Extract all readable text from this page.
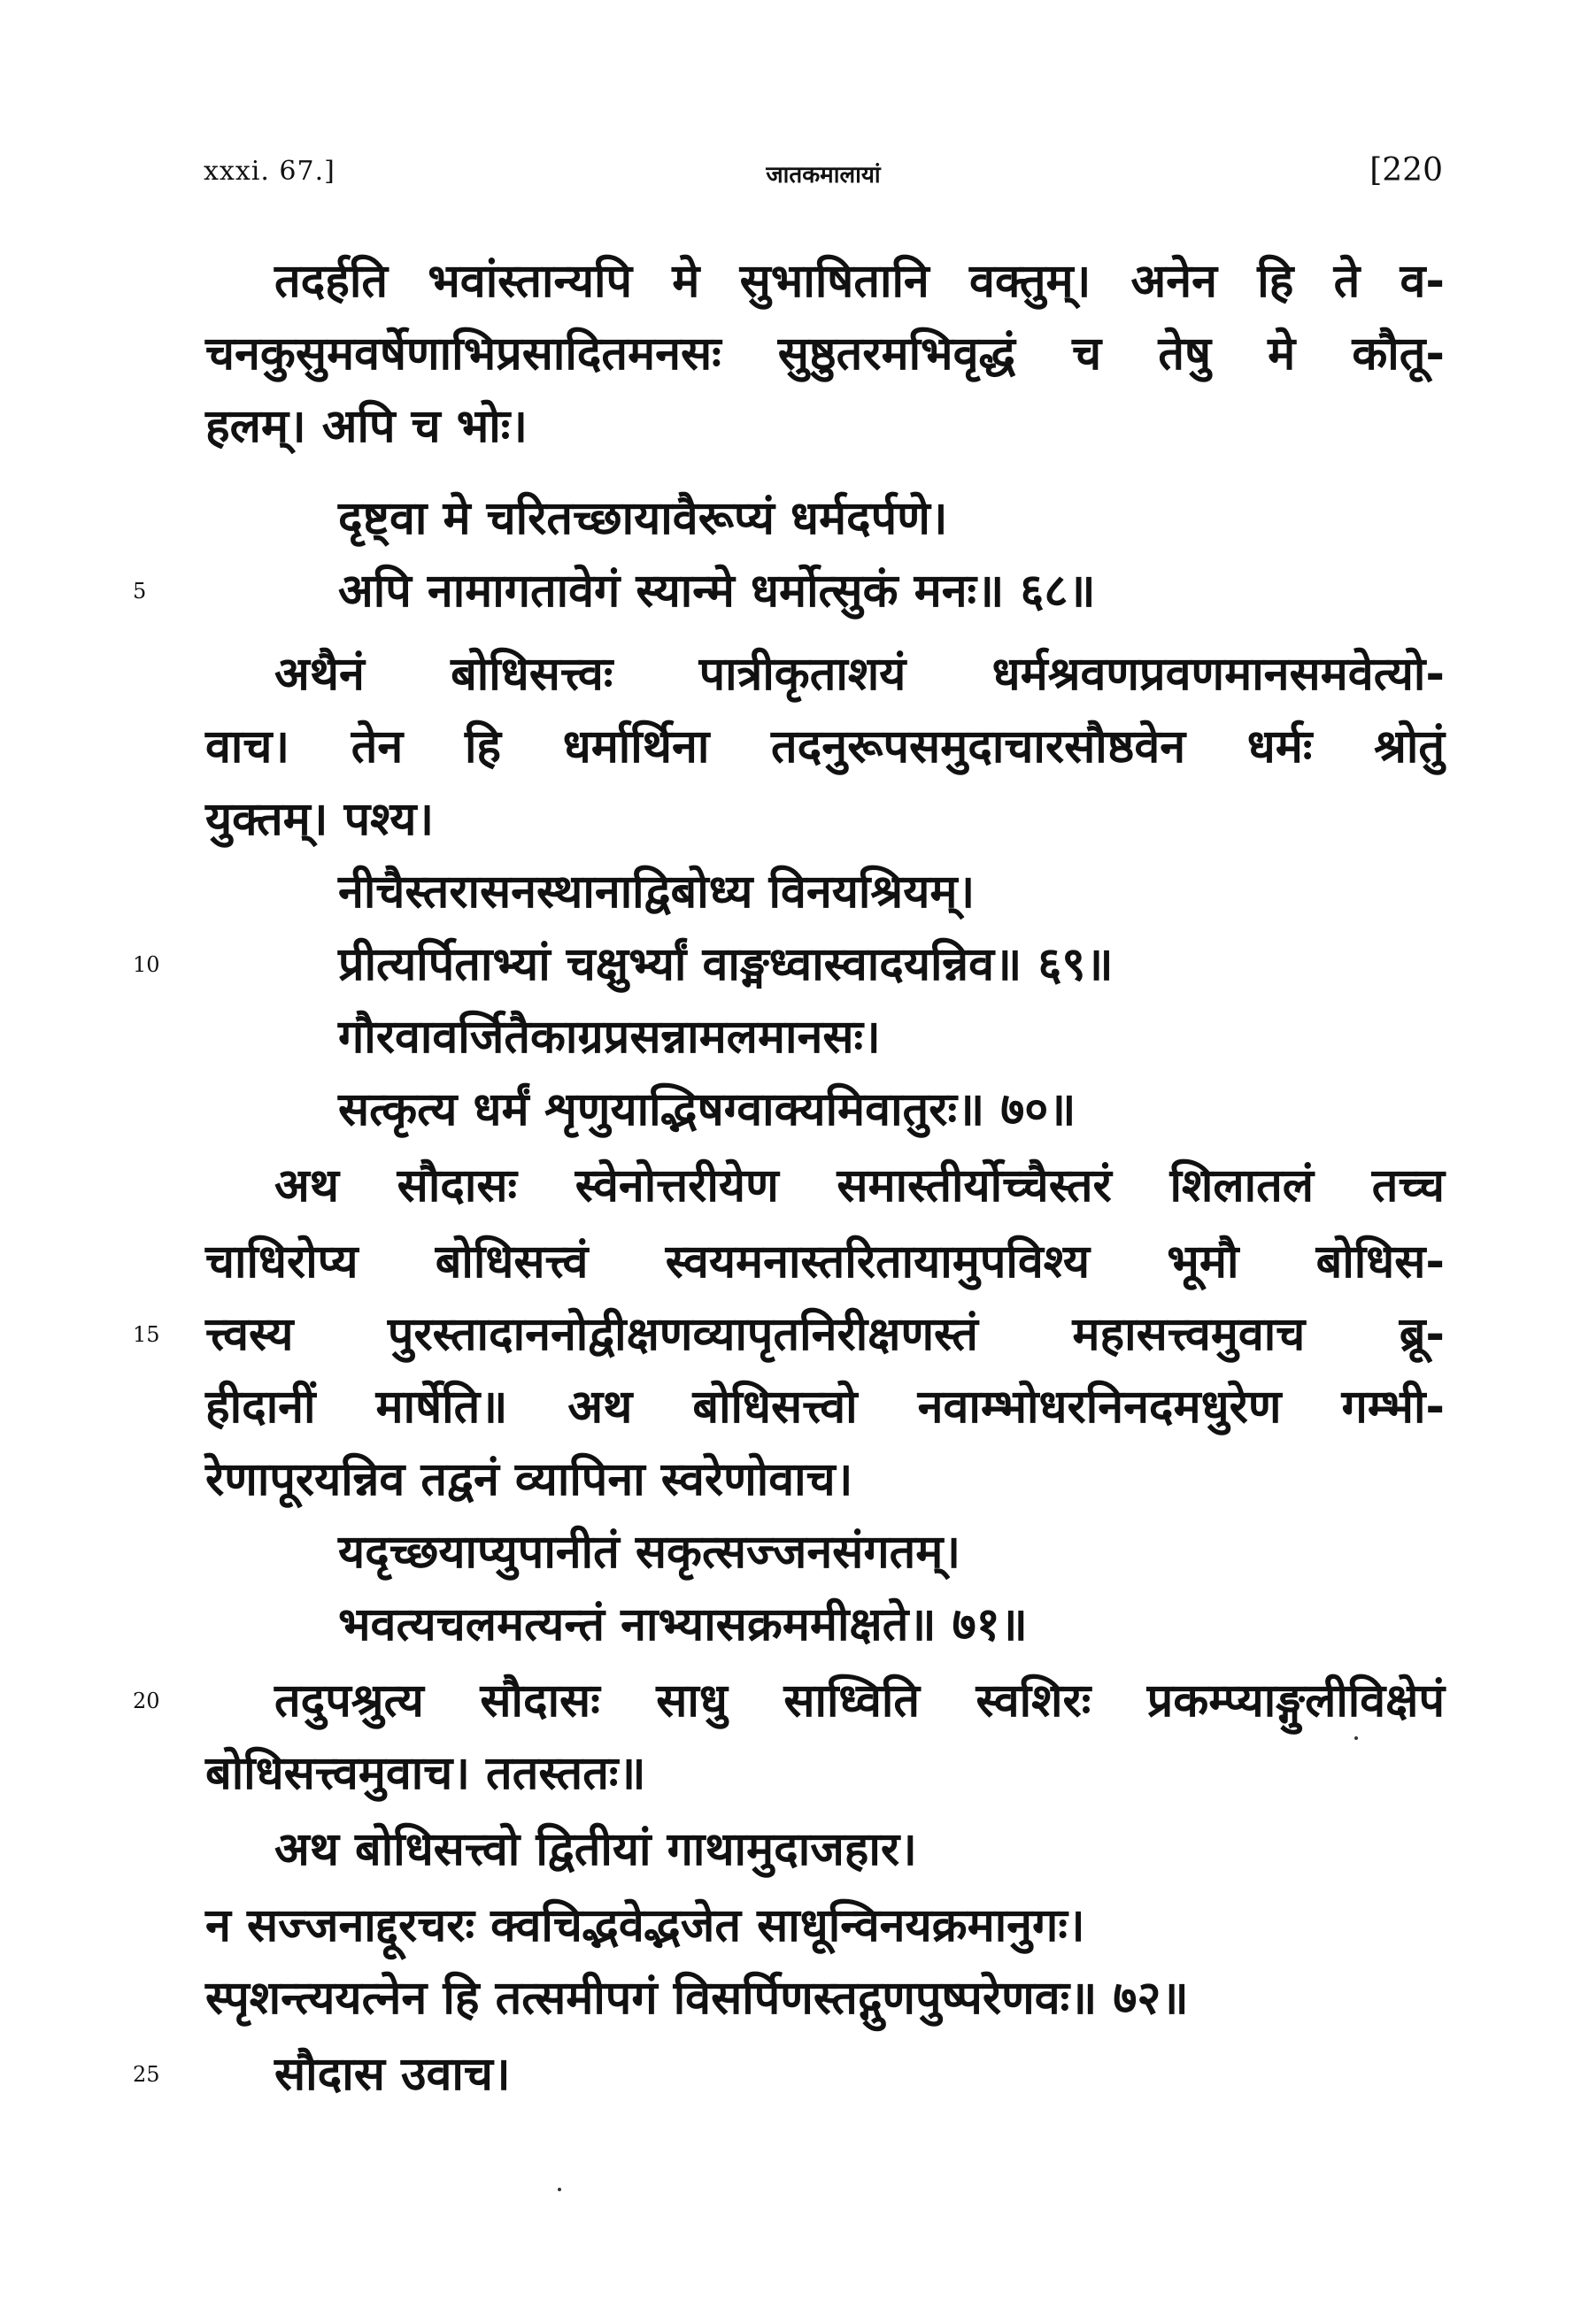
xxxi. 67.]	जातकमालायां	[220
तदर्हति भवांस्तान्यपि मे सुभाषितानि वक्तुम्। अनेन हि ते व-
चनकुसुमवर्षेणाभिप्रसादितमनसः सुष्ठुतरमभिवृद्धं च तेषु मे कौतू-
हलम्। अपि च भोः।
दृष्ट्वा मे चरितच्छायावैरूप्यं धर्मदर्पणे।
5	अपि नामागतावेगं स्यान्मे धर्मोत्सुकं मनः॥ ६८॥
अथैनं बोधिसत्त्वः पात्रीकृताशयं धर्मश्रवणप्रवणमानसमवेत्यो-
वाच। तेन हि धर्मार्थिना तदनुरूपसमुदाचारसौष्ठवेन धर्मः श्रोतुं
युक्तम्। पश्य।
नीचैस्तरासनस्थानाद्विबोध्य विनयश्रियम्।
10	प्रीत्यर्पिताभ्यां चक्षुर्भ्यां वाङ्मध्वास्वादयन्निव॥ ६९॥
गौरवावर्जितैकाग्रप्रसन्नामलमानसः।
सत्कृत्य धर्मं शृणुयाद्भिषग्वाक्यमिवातुरः॥ ७०॥
अथ सौदासः स्वेनोत्तरीयेण समास्तीर्योच्चैस्तरं शिलातलं तच्च
चाधिरोप्य बोधिसत्त्वं स्वयमनास्तरितायामुपविश्य भूमौ बोधिस-
15 त्त्वस्य पुरस्तादाननोद्वीक्षणव्यापृतनिरीक्षणस्तं महासत्त्वमुवाच ब्रू-
हीदानीं मार्षेति॥ अथ बोधिसत्त्वो नवाम्भोधरनिनदमधुरेण गम्भी-
रेणापूरयन्निव तद्वनं व्यापिना स्वरेणोवाच।
यदृच्छयाप्युपानीतं सकृत्सज्जनसंगतम्।
भवत्यचलमत्यन्तं नाभ्यासक्रममीक्षते॥ ७१॥
20 तदुपश्रुत्य सौदासः साधु साध्विति स्वशिरः प्रकम्प्याङ्गुलीविक्षेपं
बोधिसत्त्वमुवाच। ततस्ततः॥
अथ बोधिसत्त्वो द्वितीयां गाथामुदाजहार।
न सज्जनाद्दूरचरः क्वचिद्भवेद्भजेत साधून्विनयक्रमानुगः।
स्पृशन्त्ययत्नेन हि तत्समीपगं विसर्पिणस्तद्गुणपुष्परेणवः॥ ७२॥
25 सौदास उवाच।
